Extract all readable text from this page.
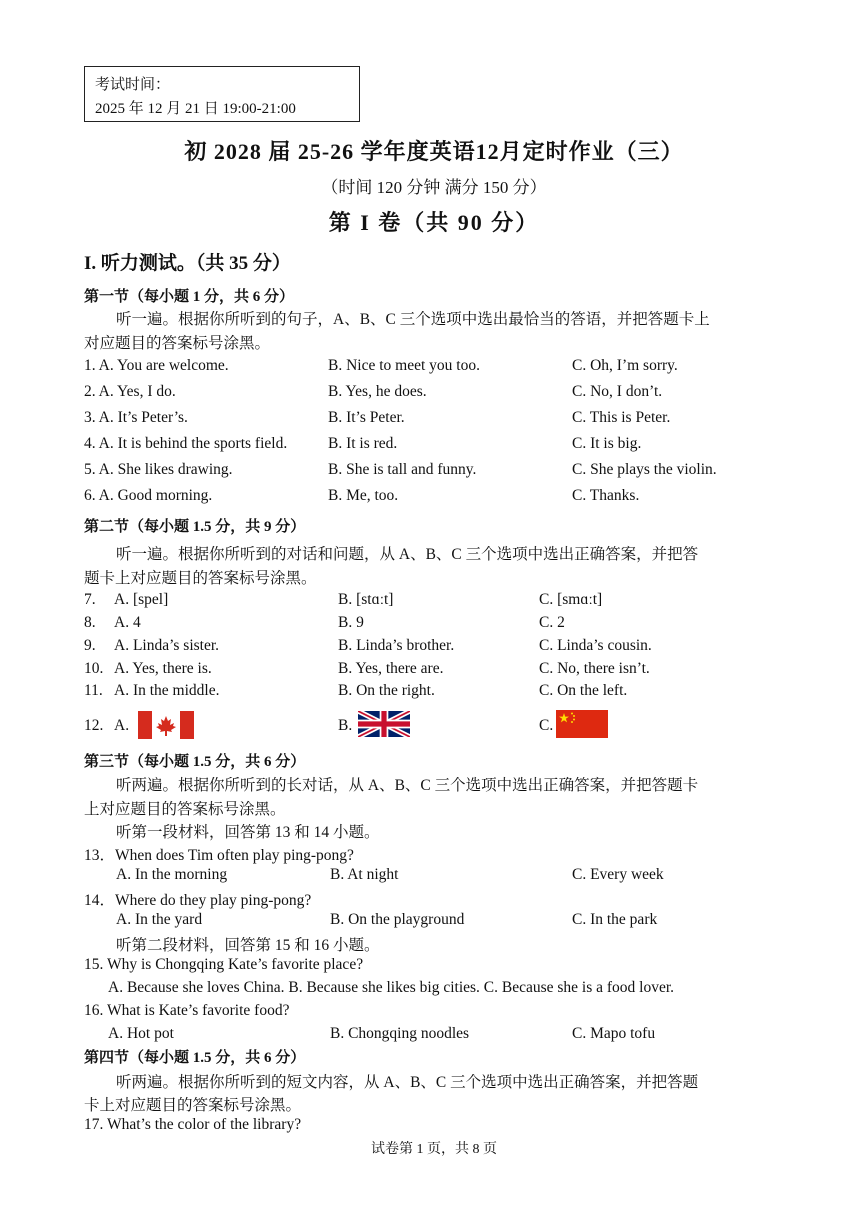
考试时间：
2025 年 12 月 21 日 19:00-21:00
初 2028 届 25-26 学年度英语12月定时作业（三）
（时间 120 分钟 满分 150 分）
第 I 卷（共 90 分）
I. 听力测试。（共 35 分）
第一节（每小题 1 分，共 6 分）
听一遍。根据你所听到的句子，A、B、C 三个选项中选出最恰当的答语，并把答题卡上
对应题目的答案标号涂黑。
1. A. You are welcome.	B. Nice to meet you too.	C. Oh, I’m sorry.
2. A. Yes, I do.	B. Yes, he does.	C. No, I don’t.
3. A. It’s Peter’s.	B. It’s Peter.	C. This is Peter.
4. A. It is behind the sports field.	B. It is red.	C. It is big.
5. A. She likes drawing.	B. She is tall and funny.	C. She plays the violin.
6. A. Good morning.	B. Me, too.	C. Thanks.
第二节（每小题 1.5 分，共 9 分）
听一遍。根据你所听到的对话和问题，从 A、B、C 三个选项中选出正确答案，并把答
题卡上对应题目的答案标号涂黑。
7. A. [spel]	B. [stɑːt]	C. [smɑːt]
8. A. 4	B. 9	C. 2
9. A. Linda’s sister.	B. Linda’s brother.	C. Linda’s cousin.
10. A. Yes, there is.	B. Yes, there are.	C. No, there isn’t.
11. A. In the middle.	B. On the right.	C. On the left.
12. A.	B.	C.
第三节（每小题 1.5 分，共 6 分）
听两遍。根据你所听到的长对话，从 A、B、C 三个选项中选出正确答案，并把答题卡
上对应题目的答案标号涂黑。
听第一段材料，回答第 13 和 14 小题。
13．When does Tim often play ping-pong?
A. In the morning	B. At night	C. Every week
14．Where do they play ping-pong?
A. In the yard	B. On the playground	C. In the park
听第二段材料，回答第 15 和 16 小题。
15. Why is Chongqing Kate’s favorite place?
A. Because she loves China. B. Because she likes big cities. C. Because she is a food lover.
16. What is Kate’s favorite food?
A. Hot pot	B. Chongqing noodles	C. Mapo tofu
第四节（每小题 1.5 分，共 6 分）
听两遍。根据你所听到的短文内容，从 A、B、C 三个选项中选出正确答案，并把答题
卡上对应题目的答案标号涂黑。
17. What’s the color of the library?
试卷第 1 页，共 8 页
